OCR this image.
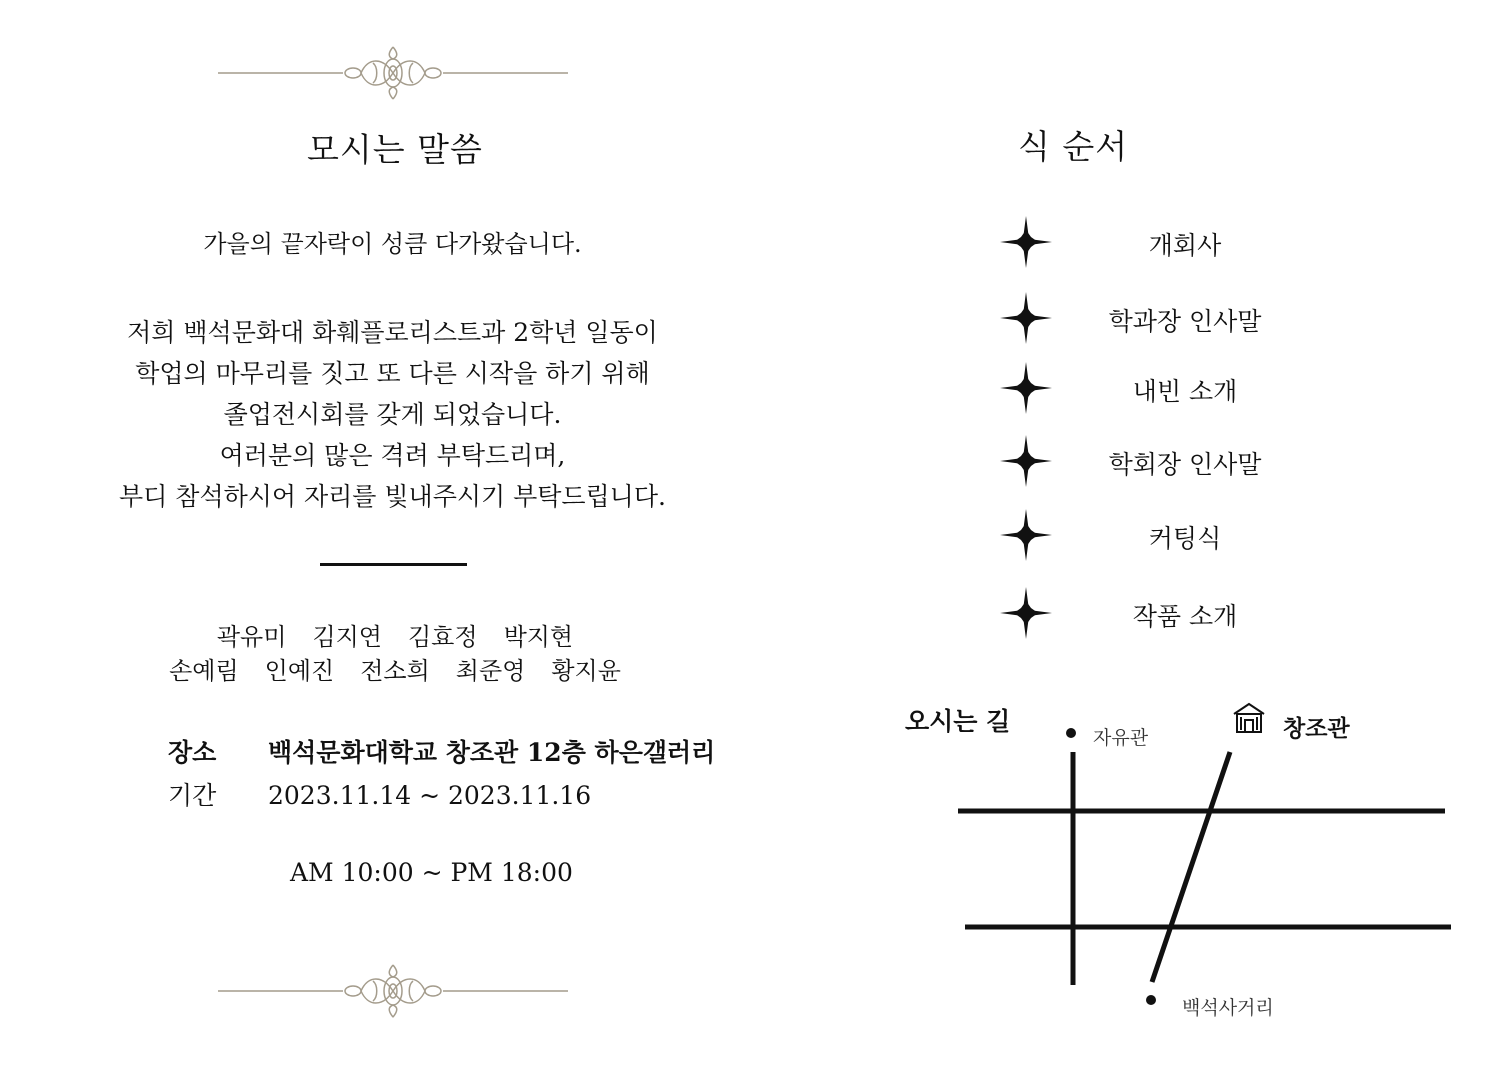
모시는 말씀
가을의 끝자락이 성큼 다가왔습니다.
저희 백석문화대 화훼플로리스트과 2학년 일동이
학업의 마무리를 짓고 또 다른 시작을 하기 위해
졸업전시회를 갖게 되었습니다.
여러분의 많은 격려 부탁드리며,
부디 참석하시어 자리를 빛내주시기 부탁드립니다.
곽유미 김지연 김효정 박지현
손예림 인예진 전소희 최준영 황지윤
장소 백석문화대학교 창조관 12층 하은갤러리
기간 2023.11.14 ~ 2023.11.16
AM 10:00 ~ PM 18:00
식 순서
개회사
학과장 인사말
내빈 소개
학회장 인사말
커팅식
작품 소개
오시는 길
자유관	창조관
백석사거리
